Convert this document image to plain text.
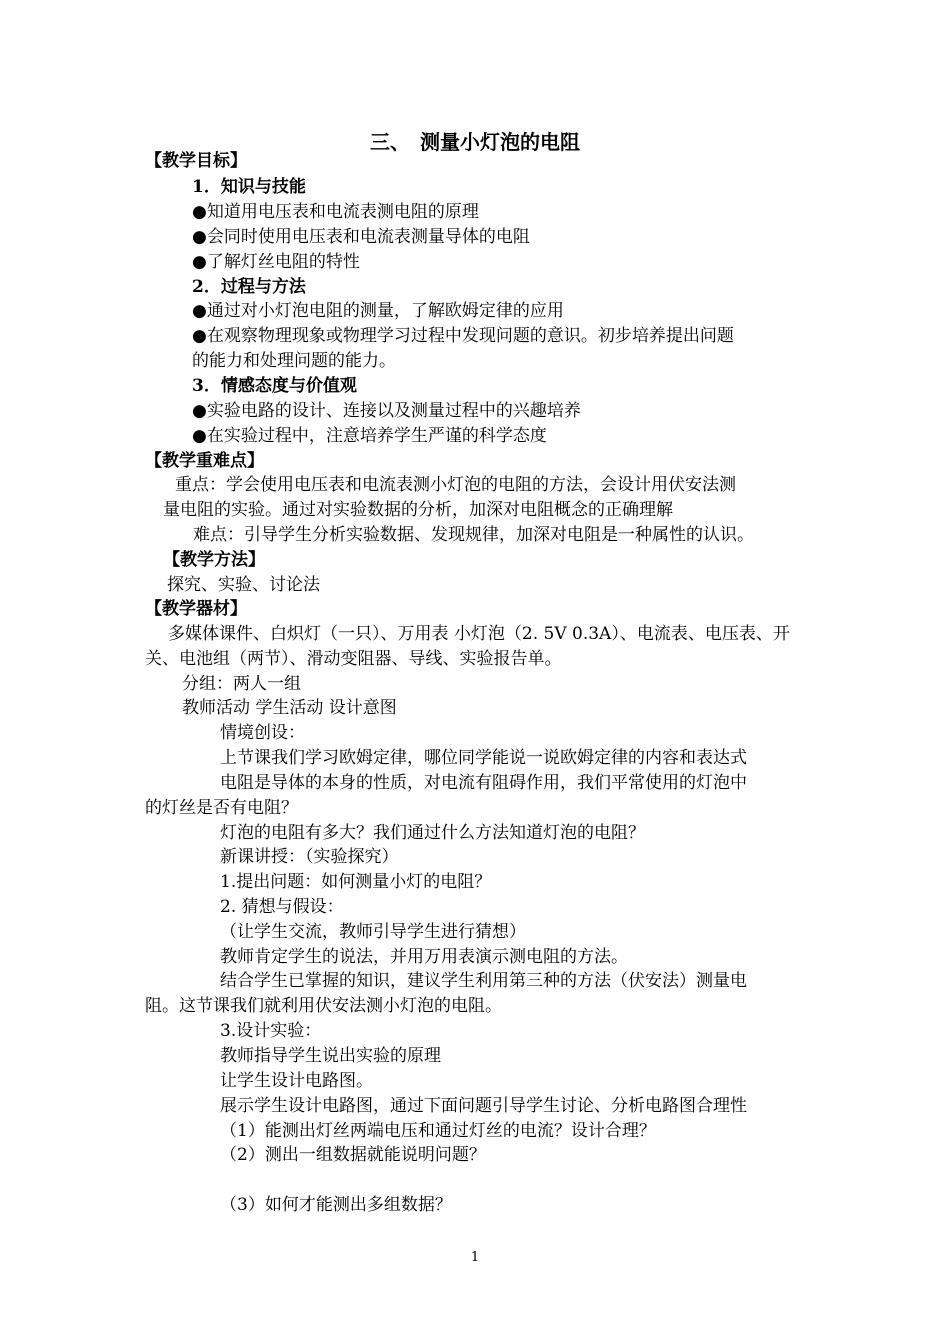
三、　测量小灯泡的电阻
【教学目标】
1．知识与技能
●知道用电压表和电流表测电阻的原理
●会同时使用电压表和电流表测量导体的电阻
●了解灯丝电阻的特性
2．过程与方法
●通过对小灯泡电阻的测量，了解欧姆定律的应用
●在观察物理现象或物理学习过程中发现问题的意识。初步培养提出问题
的能力和处理问题的能力。
3．情感态度与价值观
●实验电路的设计、连接以及测量过程中的兴趣培养
●在实验过程中，注意培养学生严谨的科学态度
【教学重难点】
重点：学会使用电压表和电流表测小灯泡的电阻的方法，会设计用伏安法测
量电阻的实验。通过对实验数据的分析，加深对电阻概念的正确理解
难点：引导学生分析实验数据、发现规律，加深对电阻是一种属性的认识。
【教学方法】
探究、实验、讨论法
【教学器材】
多媒体课件、白炽灯（一只）、万用表 小灯泡（2. 5V 0.3A）、电流表、电压表、开
关、电池组（两节）、滑动变阻器、导线、实验报告单。
分组：两人一组
教师活动 学生活动 设计意图
情境创设：
上节课我们学习欧姆定律，哪位同学能说一说欧姆定律的内容和表达式
电阻是导体的本身的性质，对电流有阻碍作用，我们平常使用的灯泡中
的灯丝是否有电阻？
灯泡的电阻有多大？我们通过什么方法知道灯泡的电阻？
新课讲授：（实验探究）
1.提出问题：如何测量小灯的电阻？
2. 猜想与假设：
（让学生交流，教师引导学生进行猜想）
教师肯定学生的说法，并用万用表演示测电阻的方法。
结合学生已掌握的知识，建议学生利用第三种的方法（伏安法）测量电
阻。这节课我们就利用伏安法测小灯泡的电阻。
3.设计实验：
教师指导学生说出实验的原理
让学生设计电路图。
展示学生设计电路图，通过下面问题引导学生讨论、分析电路图合理性
（1）能测出灯丝两端电压和通过灯丝的电流？设计合理？
（2）测出一组数据就能说明问题？
（3）如何才能测出多组数据？
1
